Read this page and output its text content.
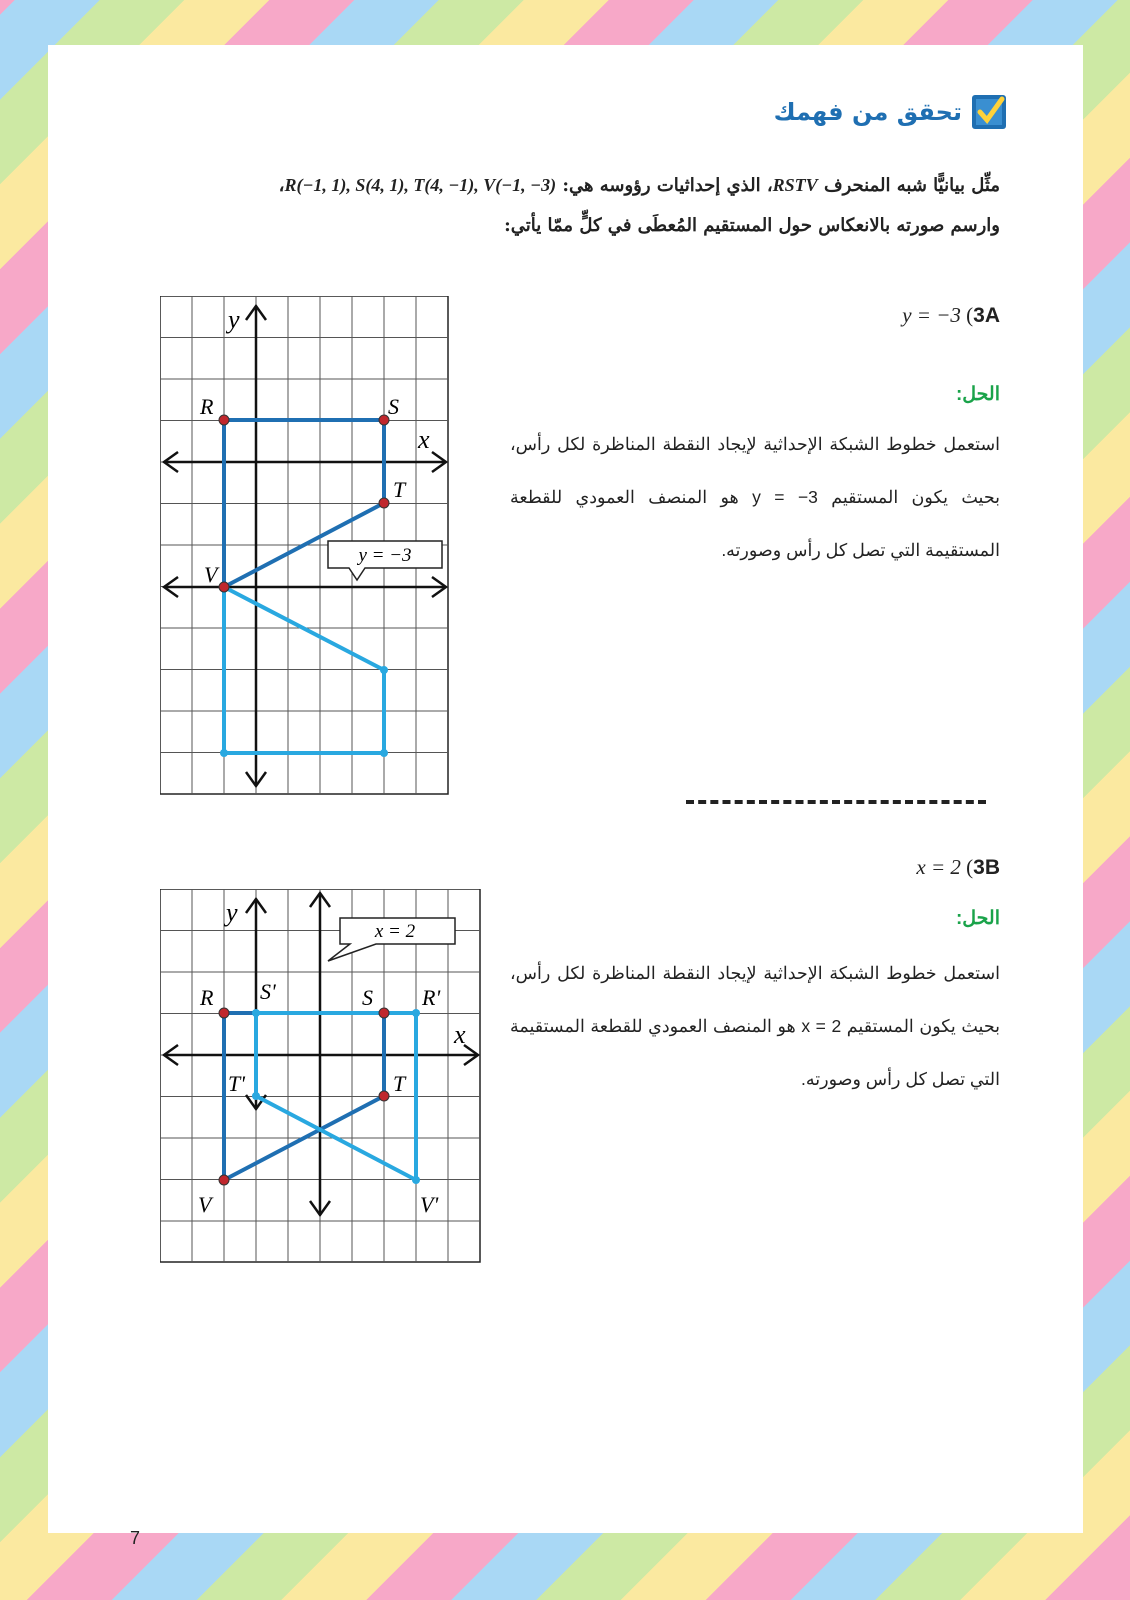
تحقق من فهمك
مثِّل بيانيًّا شبه المنحرف RSTV، الذي إحداثيات رؤوسه هي: R(−1, 1), S(4, 1), T(4, −1), V(−1, −3)،
وارسم صورته بالانعكاس حول المستقيم المُعطَى في كلٍّ ممّا يأتي:
y = −3 (3A
الحل:
استعمل خطوط الشبكة الإحداثية لإيجاد النقطة المناظرة لكل رأس، بحيث يكون المستقيم y = −3 هو المنصف العمودي للقطعة المستقيمة التي تصل كل رأس وصورته.
y = −3
R	S
T
V
x
y
x = 2 (3B
الحل:
استعمل خطوط الشبكة الإحداثية لإيجاد النقطة المناظرة لكل رأس، بحيث يكون المستقيم x = 2 هو المنصف العمودي للقطعة المستقيمة التي تصل كل رأس وصورته.
x = 2
R S'	S R'
T'	T
V	V'
x
y
7
